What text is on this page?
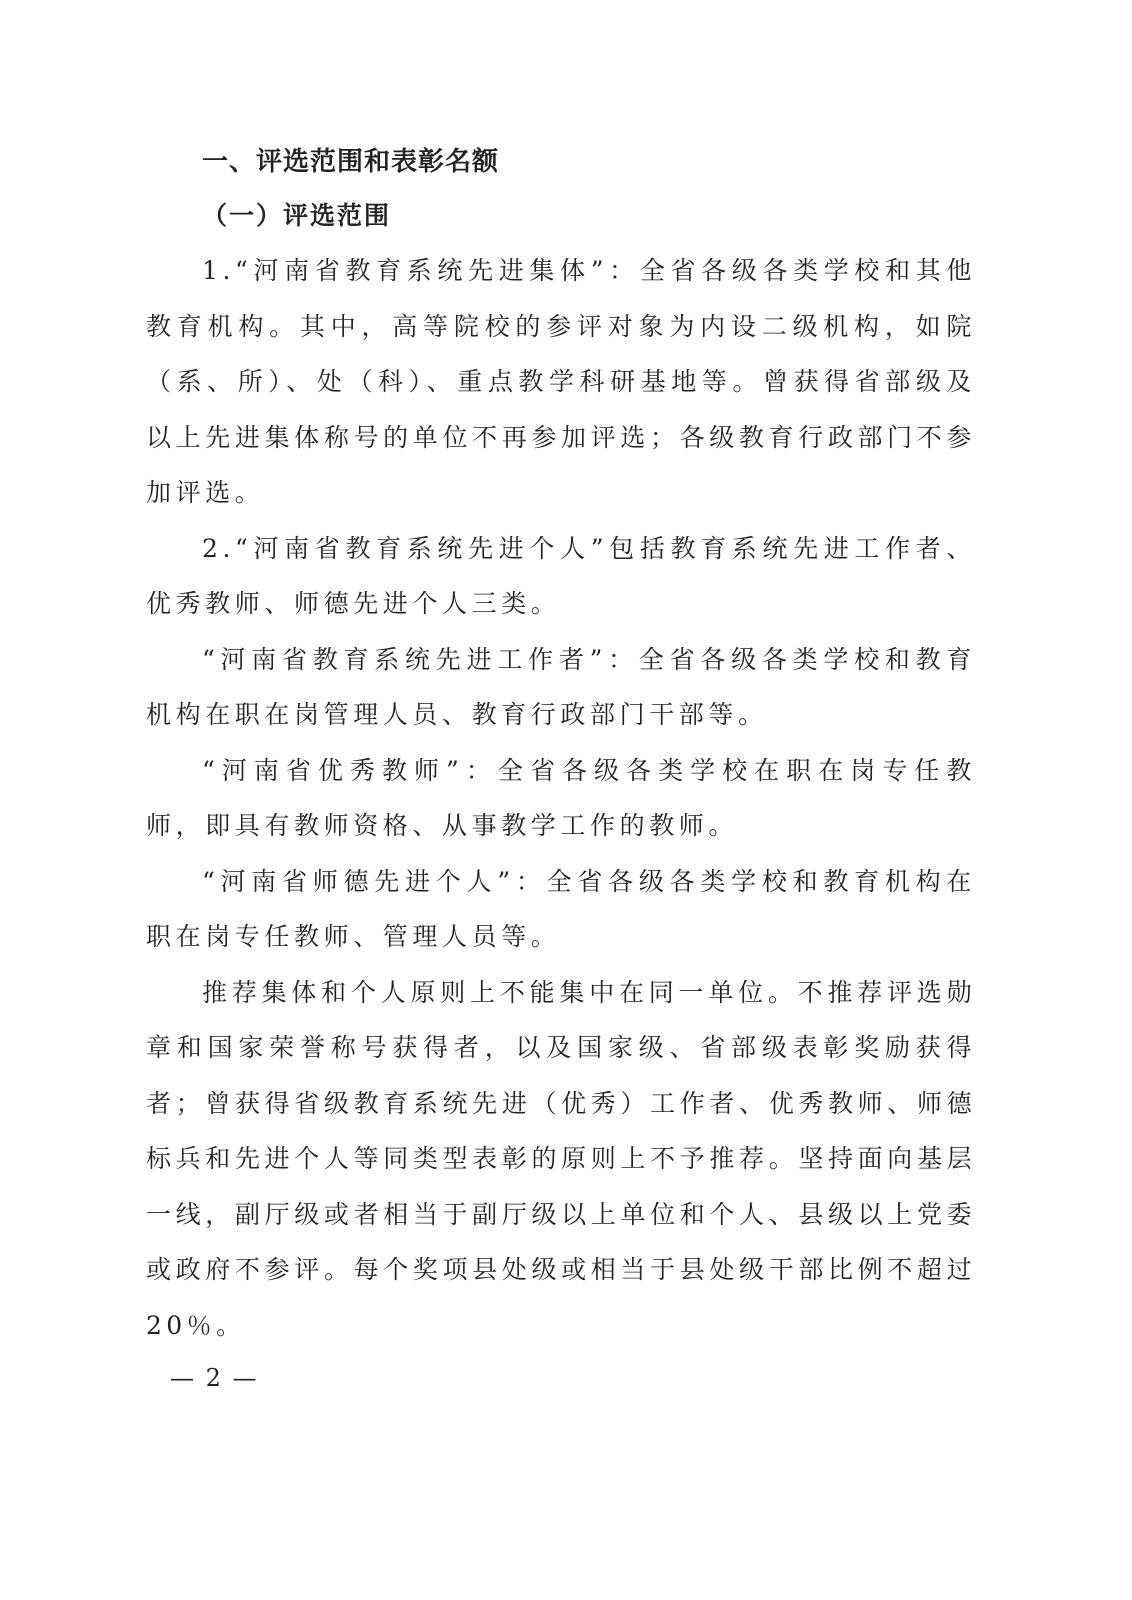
一、评选范围和表彰名额
（一）评选范围

1.“河南省教育系统先进集体”：全省各级各类学校和其他教育机构。其中，高等院校的参评对象为内设二级机构，如院（系、所）、处（科）、重点教学科研基地等。曾获得省部级及以上先进集体称号的单位不再参加评选；各级教育行政部门不参加评选。

2.“河南省教育系统先进个人”包括教育系统先进工作者、优秀教师、师德先进个人三类。

“河南省教育系统先进工作者”：全省各级各类学校和教育机构在职在岗管理人员、教育行政部门干部等。

“河南省优秀教师”：全省各级各类学校在职在岗专任教师，即具有教师资格、从事教学工作的教师。

“河南省师德先进个人”：全省各级各类学校和教育机构在职在岗专任教师、管理人员等。

推荐集体和个人原则上不能集中在同一单位。不推荐评选勋章和国家荣誉称号获得者，以及国家级、省部级表彰奖励获得者；曾获得省级教育系统先进（优秀）工作者、优秀教师、师德标兵和先进个人等同类型表彰的原则上不予推荐。坚持面向基层一线，副厅级或者相当于副厅级以上单位和个人、县级以上党委或政府不参评。每个奖项县处级或相当于县处级干部比例不超过20％。

— 2 —
